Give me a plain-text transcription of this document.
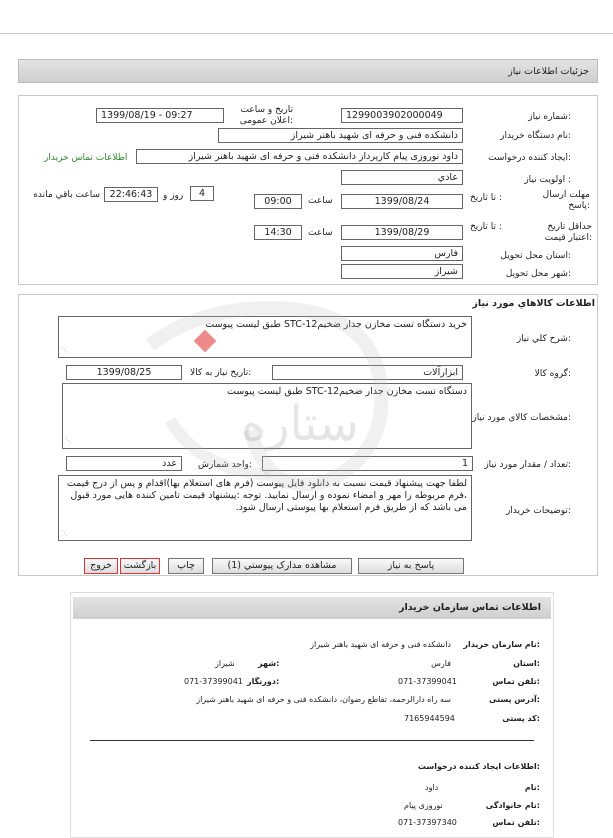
جزئیات اطلاعات نیاز
شماره نیاز:
1299003902000049
تاریخ و ساعت اعلان عمومی:
1399/08/19 - 09:27
نام دستگاه خریدار:
دانشکده فنی و حرفه ای شهید باهنر شیراز
ایجاد کننده درخواست:
داود نوروزی پیام کارپرداز دانشکده فنی و حرفه ای شهید باهنر شیراز
اطلاعات تماس خریدار
اولویت نیاز :
عادي
مهلت ارسال پاسخ:
تا تاریخ :
1399/08/24
ساعت
09:00
4
روز و
22:46:43
ساعت باقي مانده
حداقل تاریخ اعتبار قیمت:
تا تاریخ :
1399/08/29
ساعت
14:30
استان محل تحویل:
فارس
شهر محل تحویل:
شیراز
اطلاعات کالاهاي مورد نیاز
شرح کلي نیاز:
خرید دستگاه تست مخازن جدار ضخیمSTC-12 طبق لیست پیوست
⋰
گروه کالا:
ابزارآلات
تاریخ نیاز به کالا:
1399/08/25
مشخصات کالاي مورد نیاز:
دستگاه تست مخازن جدار ضخیمSTC-12 طبق لیست پیوست
⋰
تعداد / مقدار مورد نیاز:
1
واحد شمارش:
عدد
توضیحات خریدار:
لطفا جهت پیشنهاد قیمت نسبت به دانلود فایل پیوست (فرم های استعلام بها)اقدام و پس از درج قیمت ،فرم مربوطه را مهر و امضاء نموده و ارسال نمایید. توجه :پیشنهاد قیمت تامین کننده هایی مورد قبول می باشد که از طریق فرم استعلام بها پیوستی ارسال شود.
⋰
پاسخ به نیاز
مشاهده مدارک پیوستي (1)
چاپ
بازگشت
خروج
اطلاعات تماس سازمان خریدار
نام سازمان خریدار:
دانشکده فنی و حرفه ای شهید باهنر شیراز
استان:
فارس
شهر:
شیراز
تلفن تماس:
071-37399041
دورنگار:
071-37399041
آدرس پستی:
سه راه دارالرحمه، تقاطع رضوان، دانشکده فنی و حرفه ای شهید باهنر شیراز
کد پستی:
7165944594
اطلاعات ایجاد کننده درخواست:
نام:
داود
نام خانوادگی:
نوروزی پیام
تلفن تماس:
071-37397340
ستاره
